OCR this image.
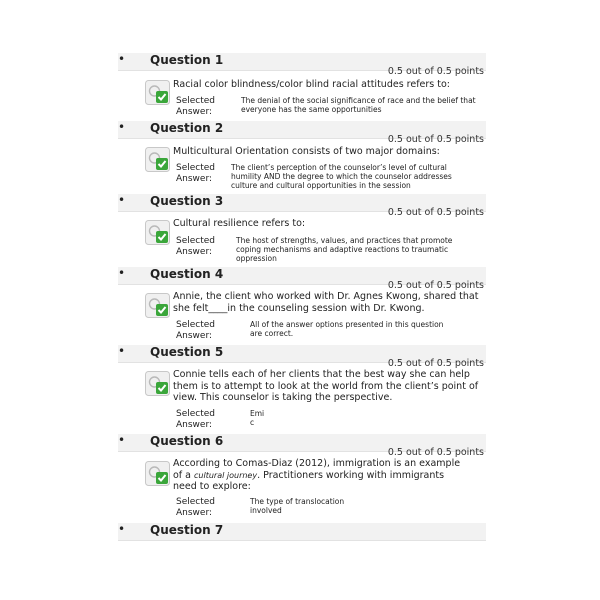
• Question 1
0.5 out of 0.5 points
Racial color blindness/color blind racial attitudes refers to:
Selected
Answer:
The denial of the social significance of race and the belief that everyone has the same opportunities
• Question 2
0.5 out of 0.5 points
Multicultural Orientation consists of two major domains:
Selected
Answer:
The client’s perception of the counselor’s level of cultural humility AND the degree to which the counselor addresses culture and cultural opportunities in the session
• Question 3
0.5 out of 0.5 points
Cultural resilience refers to:
Selected
Answer:
The host of strengths, values, and practices that promote coping mechanisms and adaptive reactions to traumatic oppression
• Question 4
0.5 out of 0.5 points
Annie, the client who worked with Dr. Agnes Kwong, shared that she felt____in the counseling session with Dr. Kwong.
Selected
Answer:
All of the answer options presented in this question are correct.
• Question 5
0.5 out of 0.5 points
Connie tells each of her clients that the best way she can help them is to attempt to look at the world from the client’s point of view. This counselor is taking the perspective.
Selected
Answer:
Emi
c
• Question 6
0.5 out of 0.5 points
According to Comas-Diaz (2012), immigration is an example of a cultural journey. Practitioners working with immigrants need to explore:
Selected
Answer:
The type of translocation involved
• Question 7
